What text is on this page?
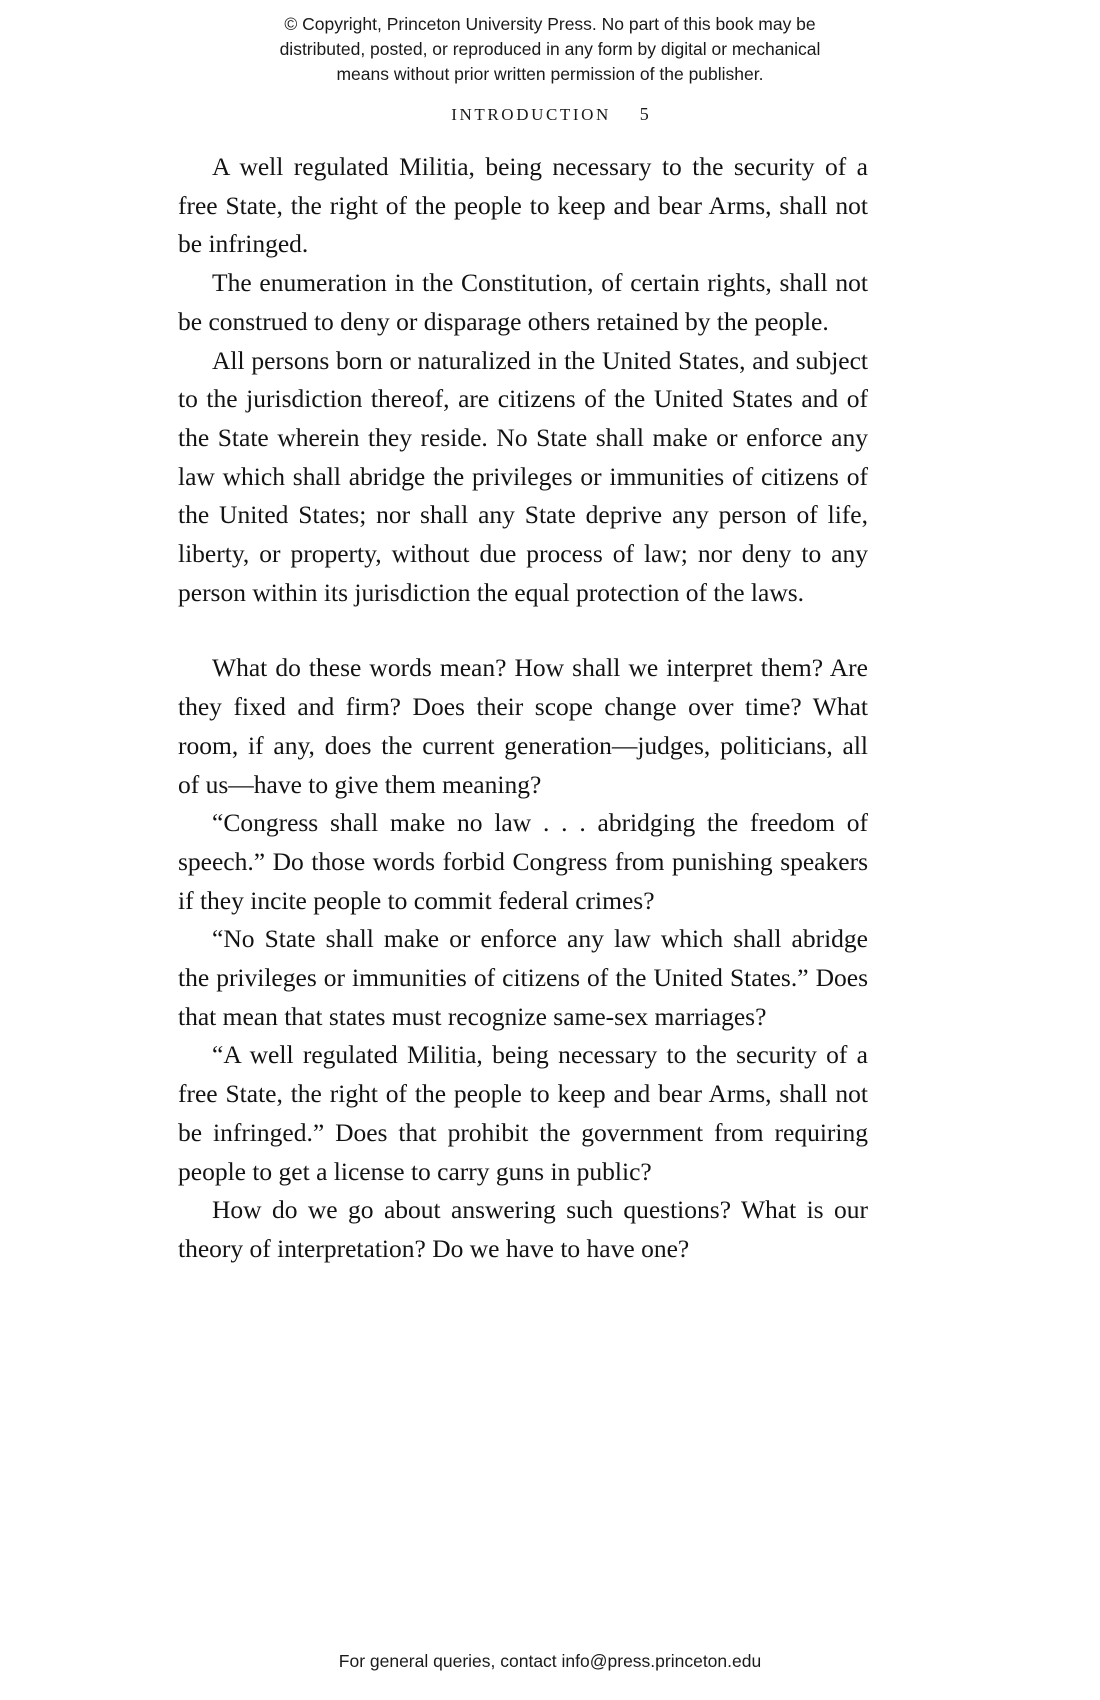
© Copyright, Princeton University Press. No part of this book may be
distributed, posted, or reproduced in any form by digital or mechanical
means without prior written permission of the publisher.
INTRODUCTION 5

A well regulated Militia, being necessary to the security of a free State, the right of the people to keep and bear Arms, shall not be infringed.

The enumeration in the Constitution, of certain rights, shall not be construed to deny or disparage others retained by the people.

All persons born or naturalized in the United States, and subject to the jurisdiction thereof, are citizens of the United States and of the State wherein they reside. No State shall make or enforce any law which shall abridge the privileges or immunities of citizens of the United States; nor shall any State deprive any person of life, liberty, or property, without due process of law; nor deny to any person within its jurisdiction the equal protection of the laws.

What do these words mean? How shall we interpret them? Are they fixed and firm? Does their scope change over time? What room, if any, does the current generation—judges, politicians, all of us—have to give them meaning?

“Congress shall make no law . . . abridging the freedom of speech.” Do those words forbid Congress from punishing speakers if they incite people to commit federal crimes?

“No State shall make or enforce any law which shall abridge the privileges or immunities of citizens of the United States.” Does that mean that states must recognize same-sex marriages?

“A well regulated Militia, being necessary to the security of a free State, the right of the people to keep and bear Arms, shall not be infringed.” Does that prohibit the government from requiring people to get a license to carry guns in public?

How do we go about answering such questions? What is our theory of interpretation? Do we have to have one?

For general queries, contact info@press.princeton.edu
